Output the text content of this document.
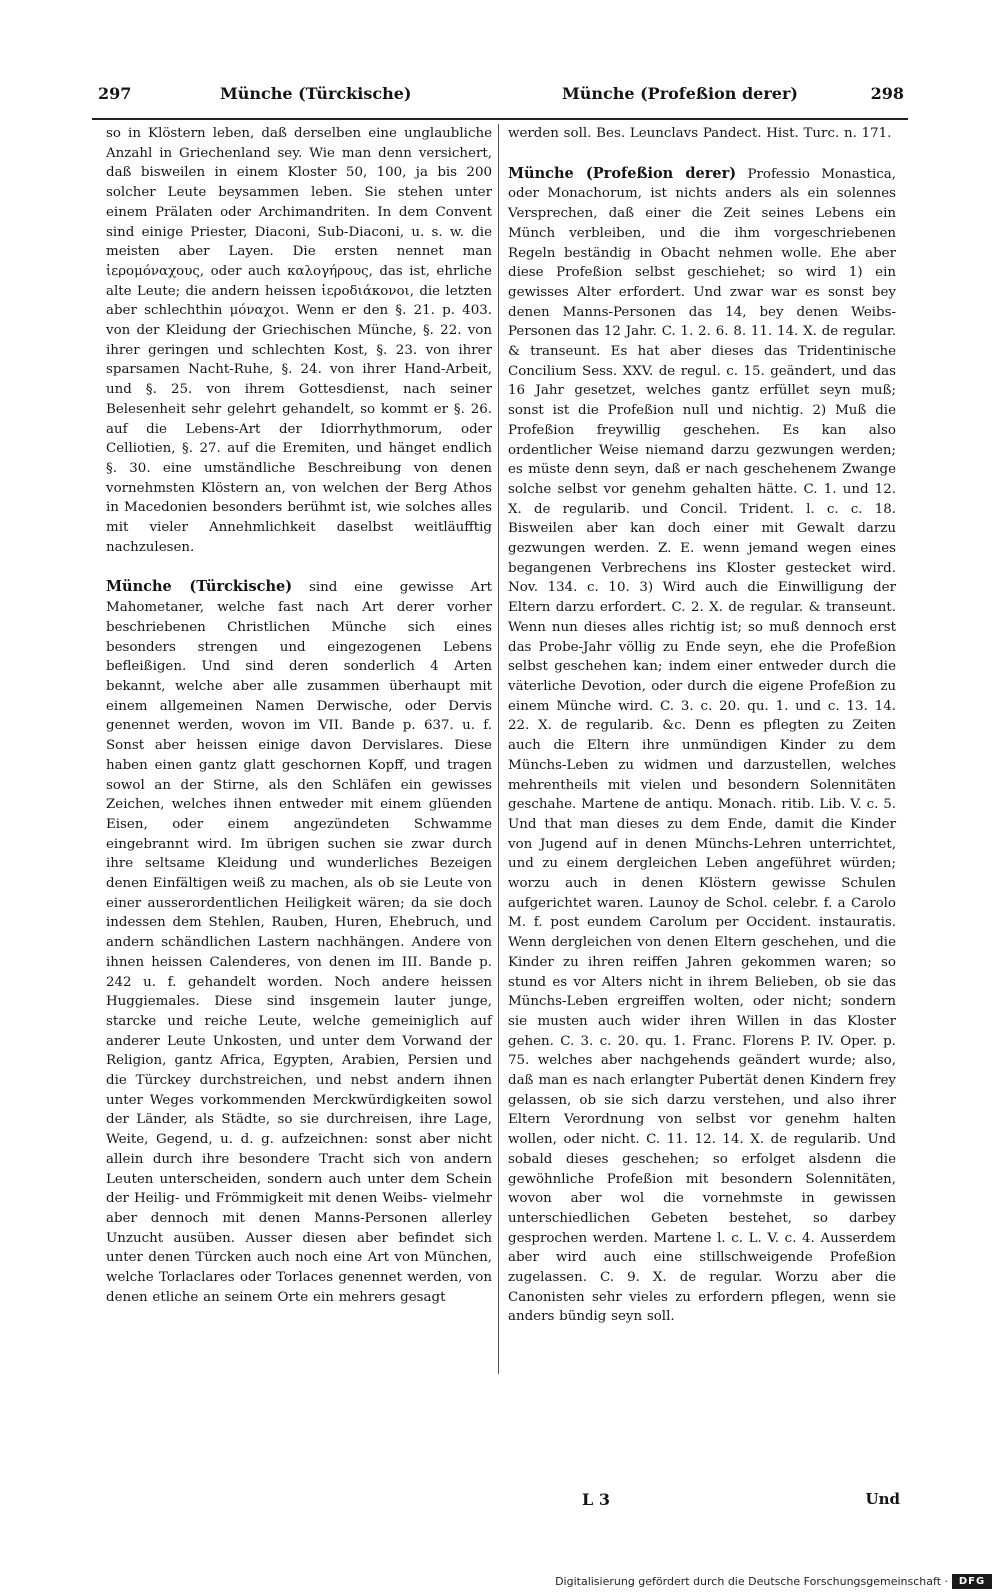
297	Münche (Türckische)	Münche (Profeßion derer)	298

so in Klöstern leben, daß derselben eine unglaubliche Anzahl in Griechenland sey. Wie man denn versichert, daß bisweilen in einem Kloster 50, 100, ja bis 200 solcher Leute beysammen leben. Sie stehen unter einem Prälaten oder Archimandriten. In dem Convent sind einige Priester, Diaconi, Sub-Diaconi, u. s. w. die meisten aber Layen. Die ersten nennet man ἱερομόναχους, oder auch καλογήρους, das ist, ehrliche alte Leute; die andern heissen ἱεροδιάκονοι, die letzten aber schlechthin μόναχοι. Wenn er den §. 21. p. 403. von der Kleidung der Griechischen Münche, §. 22. von ihrer geringen und schlechten Kost, §. 23. von ihrer sparsamen Nacht-Ruhe, §. 24. von ihrer Hand-Arbeit, und §. 25. von ihrem Gottesdienst, nach seiner Belesenheit sehr gelehrt gehandelt, so kommt er §. 26. auf die Lebens-Art der Idiorrhythmorum, oder Celliotien, §. 27. auf die Eremiten, und hänget endlich §. 30. eine umständliche Beschreibung von denen vornehmsten Klöstern an, von welchen der Berg Athos in Macedonien besonders berühmt ist, wie solches alles mit vieler Annehmlichkeit daselbst weitläufftig nachzulesen.

Münche (Türckische) sind eine gewisse Art Mahometaner, welche fast nach Art derer vorher beschriebenen Christlichen Münche sich eines besonders strengen und eingezogenen Lebens befleißigen. Und sind deren sonderlich 4 Arten bekannt, welche aber alle zusammen überhaupt mit einem allgemeinen Namen Derwische, oder Dervis genennet werden, wovon im VII. Bande p. 637. u. f. Sonst aber heissen einige davon Dervislares. Diese haben einen gantz glatt geschornen Kopff, und tragen sowol an der Stirne, als den Schläfen ein gewisses Zeichen, welches ihnen entweder mit einem glüenden Eisen, oder einem angezündeten Schwamme eingebrannt wird. Im übrigen suchen sie zwar durch ihre seltsame Kleidung und wunderliches Bezeigen denen Einfältigen weiß zu machen, als ob sie Leute von einer ausserordentlichen Heiligkeit wären; da sie doch indessen dem Stehlen, Rauben, Huren, Ehebruch, und andern schändlichen Lastern nachhängen. Andere von ihnen heissen Calenderes, von denen im III. Bande p. 242 u. f. gehandelt worden. Noch andere heissen Huggiemales. Diese sind insgemein lauter junge, starcke und reiche Leute, welche gemeiniglich auf anderer Leute Unkosten, und unter dem Vorwand der Religion, gantz Africa, Egypten, Arabien, Persien und die Türckey durchstreichen, und nebst andern ihnen unter Weges vorkommenden Merckwürdigkeiten sowol der Länder, als Städte, so sie durchreisen, ihre Lage, Weite, Gegend, u. d. g. aufzeichnen: sonst aber nicht allein durch ihre besondere Tracht sich von andern Leuten unterscheiden, sondern auch unter dem Schein der Heilig- und Frömmigkeit mit denen Weibs- vielmehr aber dennoch mit denen Manns-Personen allerley Unzucht ausüben. Ausser diesen aber befindet sich unter denen Türcken auch noch eine Art von München, welche Torlaclares oder Torlaces genennet werden, von denen etliche an seinem Orte ein mehrers gesagt

werden soll. Bes. Leunclavs Pandect. Hist. Turc. n. 171.

Münche (Profeßion derer) Professio Monastica, oder Monachorum, ist nichts anders als ein solennes Versprechen, daß einer die Zeit seines Lebens ein Münch verbleiben, und die ihm vorgeschriebenen Regeln beständig in Obacht nehmen wolle. Ehe aber diese Profeßion selbst geschiehet; so wird 1) ein gewisses Alter erfordert. Und zwar war es sonst bey denen Manns-Personen das 14, bey denen Weibs-Personen das 12 Jahr. C. 1. 2. 6. 8. 11. 14. X. de regular. & transeunt. Es hat aber dieses das Tridentinische Concilium Sess. XXV. de regul. c. 15. geändert, und das 16 Jahr gesetzet, welches gantz erfüllet seyn muß; sonst ist die Profeßion null und nichtig. 2) Muß die Profeßion freywillig geschehen. Es kan also ordentlicher Weise niemand darzu gezwungen werden; es müste denn seyn, daß er nach geschehenem Zwange solche selbst vor genehm gehalten hätte. C. 1. und 12. X. de regularib. und Concil. Trident. l. c. c. 18. Bisweilen aber kan doch einer mit Gewalt darzu gezwungen werden. Z. E. wenn jemand wegen eines begangenen Verbrechens ins Kloster gestecket wird. Nov. 134. c. 10. 3) Wird auch die Einwilligung der Eltern darzu erfordert. C. 2. X. de regular. & transeunt. Wenn nun dieses alles richtig ist; so muß dennoch erst das Probe-Jahr völlig zu Ende seyn, ehe die Profeßion selbst geschehen kan; indem einer entweder durch die väterliche Devotion, oder durch die eigene Profeßion zu einem Münche wird. C. 3. c. 20. qu. 1. und c. 13. 14. 22. X. de regularib. &c. Denn es pflegten zu Zeiten auch die Eltern ihre unmündigen Kinder zu dem Münchs-Leben zu widmen und darzustellen, welches mehrentheils mit vielen und besondern Solennitäten geschahe. Martene de antiqu. Monach. ritib. Lib. V. c. 5. Und that man dieses zu dem Ende, damit die Kinder von Jugend auf in denen Münchs-Lehren unterrichtet, und zu einem dergleichen Leben angeführet würden; worzu auch in denen Klöstern gewisse Schulen aufgerichtet waren. Launoy de Schol. celebr. f. a Carolo M. f. post eundem Carolum per Occident. instauratis. Wenn dergleichen von denen Eltern geschehen, und die Kinder zu ihren reiffen Jahren gekommen waren; so stund es vor Alters nicht in ihrem Belieben, ob sie das Münchs-Leben ergreiffen wolten, oder nicht; sondern sie musten auch wider ihren Willen in das Kloster gehen. C. 3. c. 20. qu. 1. Franc. Florens P. IV. Oper. p. 75. welches aber nachgehends geändert wurde; also, daß man es nach erlangter Pubertät denen Kindern frey gelassen, ob sie sich darzu verstehen, und also ihrer Eltern Verordnung von selbst vor genehm halten wollen, oder nicht. C. 11. 12. 14. X. de regularib. Und sobald dieses geschehen; so erfolget alsdenn die gewöhnliche Profeßion mit besondern Solennitäten, wovon aber wol die vornehmste in gewissen unterschiedlichen Gebeten bestehet, so darbey gesprochen werden. Martene l. c. L. V. c. 4. Ausserdem aber wird auch eine stillschweigende Profeßion zugelassen. C. 9. X. de regular. Worzu aber die Canonisten sehr vieles zu erfordern pflegen, wenn sie anders bündig seyn soll.

L 3	Und
Digitalisierung gefördert durch die Deutsche Forschungsgemeinschaft ·	DFG
